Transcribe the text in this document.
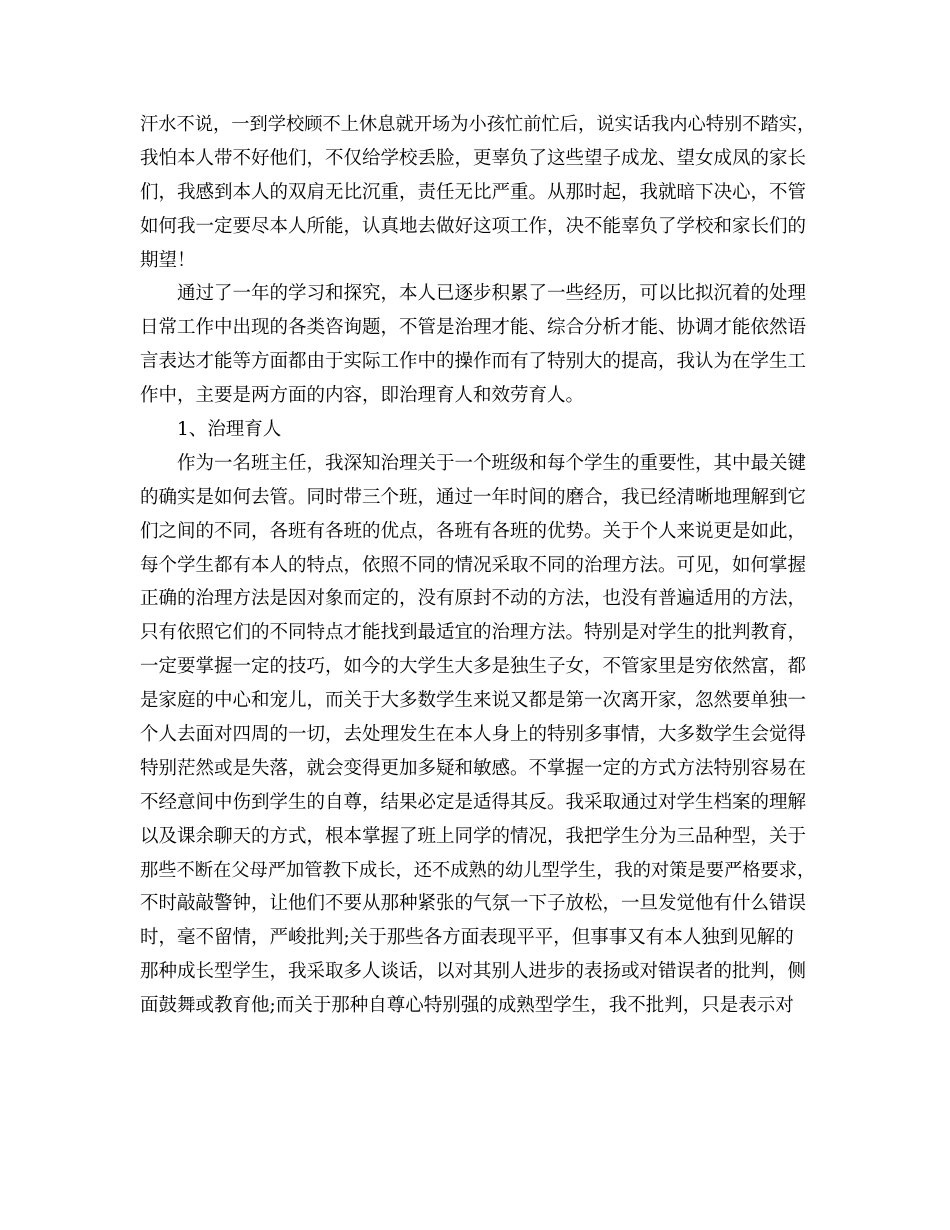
汗水不说，一到学校顾不上休息就开场为小孩忙前忙后，说实话我内心特别不踏实，
我怕本人带不好他们，不仅给学校丢脸，更辜负了这些望子成龙、望女成凤的家长
们，我感到本人的双肩无比沉重，责任无比严重。从那时起，我就暗下决心，不管
如何我一定要尽本人所能，认真地去做好这项工作，决不能辜负了学校和家长们的
期望！
通过了一年的学习和探究，本人已逐步积累了一些经历，可以比拟沉着的处理
日常工作中出现的各类咨询题，不管是治理才能、综合分析才能、协调才能依然语
言表达才能等方面都由于实际工作中的操作而有了特别大的提高，我认为在学生工
作中，主要是两方面的内容，即治理育人和效劳育人。
1、治理育人
作为一名班主任，我深知治理关于一个班级和每个学生的重要性，其中最关键
的确实是如何去管。同时带三个班，通过一年时间的磨合，我已经清晰地理解到它
们之间的不同，各班有各班的优点，各班有各班的优势。关于个人来说更是如此，
每个学生都有本人的特点，依照不同的情况采取不同的治理方法。可见，如何掌握
正确的治理方法是因对象而定的，没有原封不动的方法，也没有普遍适用的方法，
只有依照它们的不同特点才能找到最适宜的治理方法。特别是对学生的批判教育，
一定要掌握一定的技巧，如今的大学生大多是独生子女，不管家里是穷依然富，都
是家庭的中心和宠儿，而关于大多数学生来说又都是第一次离开家，忽然要单独一
个人去面对四周的一切，去处理发生在本人身上的特别多事情，大多数学生会觉得
特别茫然或是失落，就会变得更加多疑和敏感。不掌握一定的方式方法特别容易在
不经意间中伤到学生的自尊，结果必定是适得其反。我采取通过对学生档案的理解
以及课余聊天的方式，根本掌握了班上同学的情况，我把学生分为三品种型，关于
那些不断在父母严加管教下成长，还不成熟的幼儿型学生，我的对策是要严格要求，
不时敲敲警钟，让他们不要从那种紧张的气氛一下子放松，一旦发觉他有什么错误
时，毫不留情，严峻批判;关于那些各方面表现平平，但事事又有本人独到见解的
那种成长型学生，我采取多人谈话，以对其别人进步的表扬或对错误者的批判，侧
面鼓舞或教育他;而关于那种自尊心特别强的成熟型学生，我不批判，只是表示对
